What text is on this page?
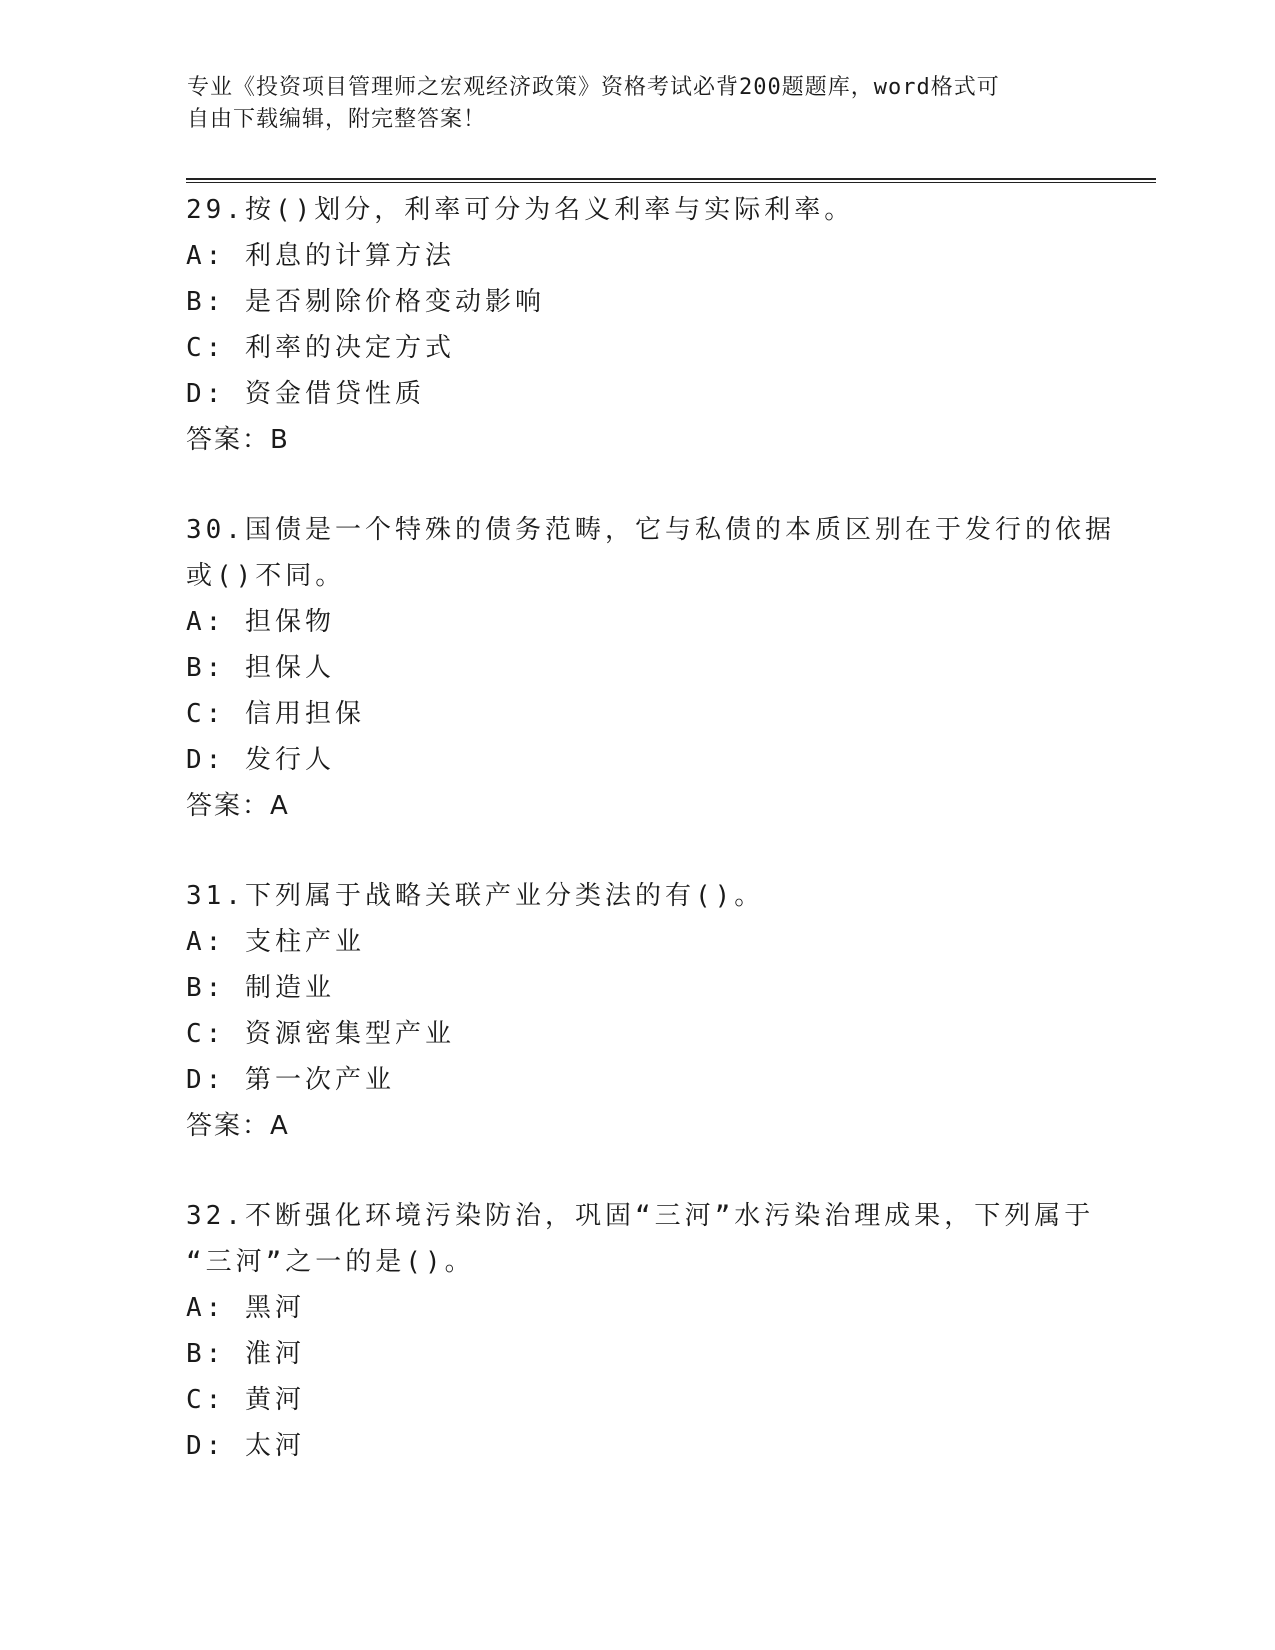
专业《投资项目管理师之宏观经济政策》资格考试必背200题题库，word格式可
自由下载编辑，附完整答案！
29.按()划分，利率可分为名义利率与实际利率。
A: 利息的计算方法
B: 是否剔除价格变动影响
C: 利率的决定方式
D: 资金借贷性质
答案：B
30.国债是一个特殊的债务范畴，它与私债的本质区别在于发行的依据
或()不同。
A: 担保物
B: 担保人
C: 信用担保
D: 发行人
答案：A
31.下列属于战略关联产业分类法的有()。
A: 支柱产业
B: 制造业
C: 资源密集型产业
D: 第一次产业
答案：A
32.不断强化环境污染防治，巩固“三河”水污染治理成果，下列属于
“三河”之一的是()。
A: 黑河
B: 淮河
C: 黄河
D: 太河
